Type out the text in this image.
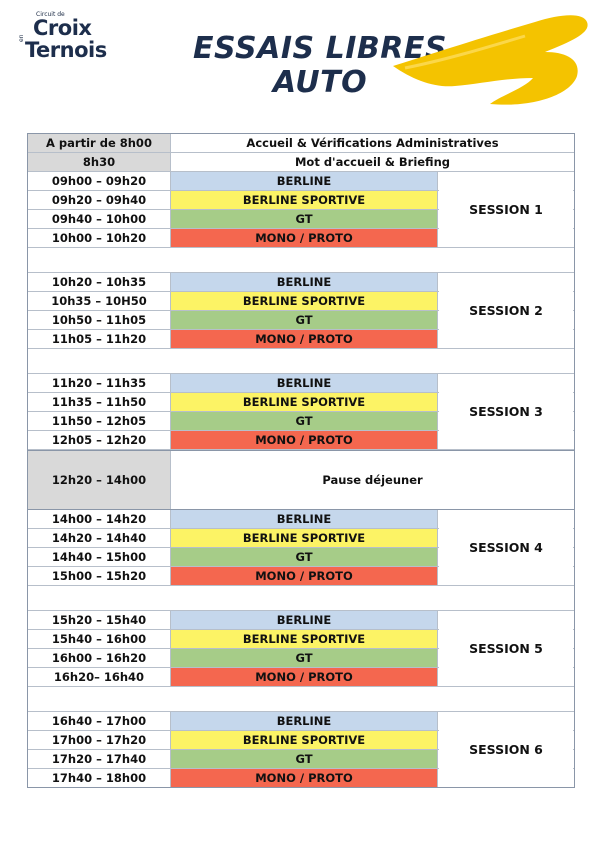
Circuit de
Croix
en Ternois	ESSAIS LIBRES
AUTO
A partir de 8h00	Accueil & Vérifications Administratives
8h30	Mot d'accueil & Briefing
09h00 – 09h20	BERLINE
09h20 – 09h40	BERLINE SPORTIVE
09h40 – 10h00	GT
10h00 – 10h20	MONO / PROTO
SESSION 1
10h20 – 10h35	BERLINE
10h35 – 10H50	BERLINE SPORTIVE
10h50 – 11h05	GT
11h05 – 11h20	MONO / PROTO
SESSION 2
11h20 – 11h35	BERLINE
11h35 – 11h50	BERLINE SPORTIVE
11h50 – 12h05	GT
12h05 – 12h20	MONO / PROTO
SESSION 3
12h20 – 14h00	Pause déjeuner
14h00 – 14h20	BERLINE
14h20 – 14h40	BERLINE SPORTIVE
14h40 – 15h00	GT
15h00 – 15h20	MONO / PROTO
SESSION 4
15h20 – 15h40	BERLINE
15h40 – 16h00	BERLINE SPORTIVE
16h00 – 16h20	GT
16h20– 16h40	MONO / PROTO
SESSION 5
16h40 – 17h00	BERLINE
17h00 – 17h20	BERLINE SPORTIVE
17h20 – 17h40	GT
17h40 – 18h00	MONO / PROTO
SESSION 6
